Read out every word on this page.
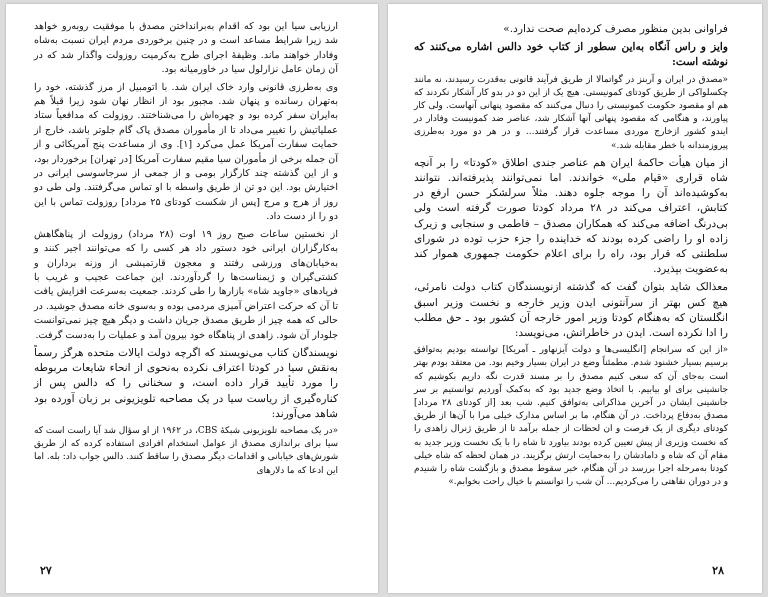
ارزیابی سیا این بود که اقدام به‌برانداختن مصدق با موفقیت روبه‌رو خواهد شد زیرا شرایط مساعد است و در چنین برخوردی مردم ایران نسبت به‌شاه وفادار خواهند ماند. وظیفهٔ اجرای طرح به‌کرمیت روزولت واگذار شد که در آن زمان عامل نزارلول سیا در خاورمیانه بود.

وی به‌طرزی قانونی وارد خاک ایران شد. با اتومبیل از مرز گذشته، خود را به‌تهران رسانده و پنهان شد. مجبور بود از انظار نهان شود زیرا قبلاً هم به‌ایران سفر کرده بود و چهره‌اش را می‌شناختند. روزولت که مدافعیاً ستاد عملیاتیش را تغییر می‌داد تا از مأموران مصدق پاک گام جلوتر باشد، خارج از حمایت سفارت آمریکا عمل می‌کرد [۱]. وی از مساعدت پنج آمریکائی و از آن جمله برخی از مأموران سیا مقیم سفارت آمریکا [در تهران] برخوردار بود، و از این گذشته چند کارگزار بومی و از جمعی از سرجاسوسی ایرانی در اختیارش بود. این دو تن از طریق واسطه با او تماس می‌گرفتند. ولی طی دو روز از هرج و مرج [پس از شکست کودتای ۲۵ مرداد] روزولت تماس با این دو را از دست داد.

از نخستین ساعات صبح روز ۱۹ اوت (۲۸ مرداد) روزولت از پناهگاهش به‌کارگزاران ایرانی خود دستور داد هر کسی را که می‌توانند اجیر کنند و به‌خیابان‌های ورزشی رفتند و معجون قارتمیشی از وزنه برداران و کشتی‌گیران و ژیمناست‌ها را گردآوردند. این جماعت عجیب و غریب با فریادهای «جاوید شاه» بازارها را طی کردند. جمعیت به‌سرعت افزایش یافت تا آن که حرکت اعتراض آمیزی مردمی بوده و به‌سوی خانه مصدق جوشید. در حالی که همه چیز از طریق مصدق جریان داشت و دیگر هیچ چیز نمی‌توانست جلودار آن شود. زاهدی از پناهگاه خود بیرون آمد و عملیات را به‌دست گرفت.

نویسندگان کتاب می‌نویسند که اگرچه دولت ایالات متحده هرگز رسماً به‌نقش سیا در کودتا اعتراف نکرده به‌نحوی از انحاء شایعات مربوطه را مورد تأیید قرار داده است، و سخنانی را که دالس پس از کناره‌گیری از ریاست سیا در یک مصاحبه تلویزیونی بر زبان آورده بود شاهد می‌آورند:

«در یک مصاحبه تلویزیونی شبکهٔ CBS، در ۱۹۶۲ از او سؤال شد آیا راست است که سیا برای براندازی مصدق از عوامل استخدام افرادی استفاده کرده که از طریق شورش‌های خیابانی و اقدامات دیگر مصدق را ساقط کنند. دالس جواب داد: بله. اما این ادعا که ما دلارهای

۲۷

فراوانی بدین منظور مصرف کرده‌ایم صحت ندارد.»

وایز و راس آنگاه به‌این سطور از کتاب خود دالس اشاره می‌کنند که نوشته است:

«مصدق در ایران و آربنز در گواتمالا از طریق فرآیند قانونی به‌قدرت رسیدند، نه مانند چکسلواکی از طریق کودتای کمونیستی. هیچ یک از این دو در بدو کار آشکار نکردند که هم او مقصود حکومت کمونیستی را دنبال می‌کنند که مقصود پنهانی آنهاست. ولی کار پیاورند، و هنگامی که مقصود پنهانی آنها آشکار شد، عناصر ضد کمونیست وفادار در ایندو کشور ازخارج موردی مساعدت قرار گرفتند... و در هر دو مورد به‌طرزی پیروزمندانه با خطر مقابله شد.»

از میان هیأت حاکمهٔ ایران هم عناصر جندی اطلاق «کودتا» را بر آنچه شاه قراری «قیام ملی» خواندند. اما نمی‌توانند پذیرفته‌اند. نتوانند به‌کوشیده‌اند آن را موجه جلوه دهند. مثلاً سرلشکر حسن ارفع در کتابش، اعتراف می‌کند در ۲۸ مرداد کودتا صورت گرفته است ولی بی‌درنگ اضافه می‌کند که همکاران مصدق – فاطمی و سنجابی و زیرک زاده او را راضی کرده بودند که خداینده را جزء حزب توده در شورای سلطنتی که قرار بود، راه را برای اعلام حکومت جمهوری هموار کند به‌عضویت بپذیرد.

معذالک شاید بتوان گفت که گذشته ازنویسندگان کتاب دولت نامرئی، هیچ کس بهتر از سرآنتونی ایدن وزیر خارجه و نخست وزیر اسبق انگلستان که به‌هنگام کودتا وزیر امور خارجه آن کشور بود ـ حق مطلب را ادا نکرده است. ایدن در خاطراتش، می‌نویسد:

«از این که سرانجام [انگلیسی‌ها و دولت آیزنهاور ـ آمریکا] توانسته بودیم به‌توافق برسیم بسیار خشنود شدم. مطمئناً وضع در ایران بسیار وخیم بود. من معتقد بودم بهتر است به‌جای آن که سعی کنیم مصدق را بر مسند قدرت نگه داریم بکوشیم که جانشینی برای او بیابیم. با اتخاذ وضع جدید بود که به‌کمک آوردیم توانستیم بر سر جانشینی ایشان در آخرین مذاکراتی به‌توافق کنیم. شب بعد [از کودتای ۲۸ مرداد] مصدق به‌دفاع پرداخت. در آن هنگام، ما بر اساس مدارک خیلی مرا با آن‌ها از طریق کودتای دیگری از یک فرصت و ان لحظات از جمله برآمد تا از طریق ژنرال زاهدی را که نخست وزیری از پیش تعیین کرده بودند بیاورد تا شاه را با یک نخست وزیر جدید به مقام آن که شاه و دامادشان را به‌حمایت ارتش برگزیند. در همان لحظه که شاه خیلی کودتا به‌مرحله اجرا بررسد در آن هنگام، خبر سقوط مصدق و بازگشت شاه را شنیدم و در دوران نقاهتی را می‌کردیم... آن شب را توانستم با خیال راحت بخوابم.»

۲۸
